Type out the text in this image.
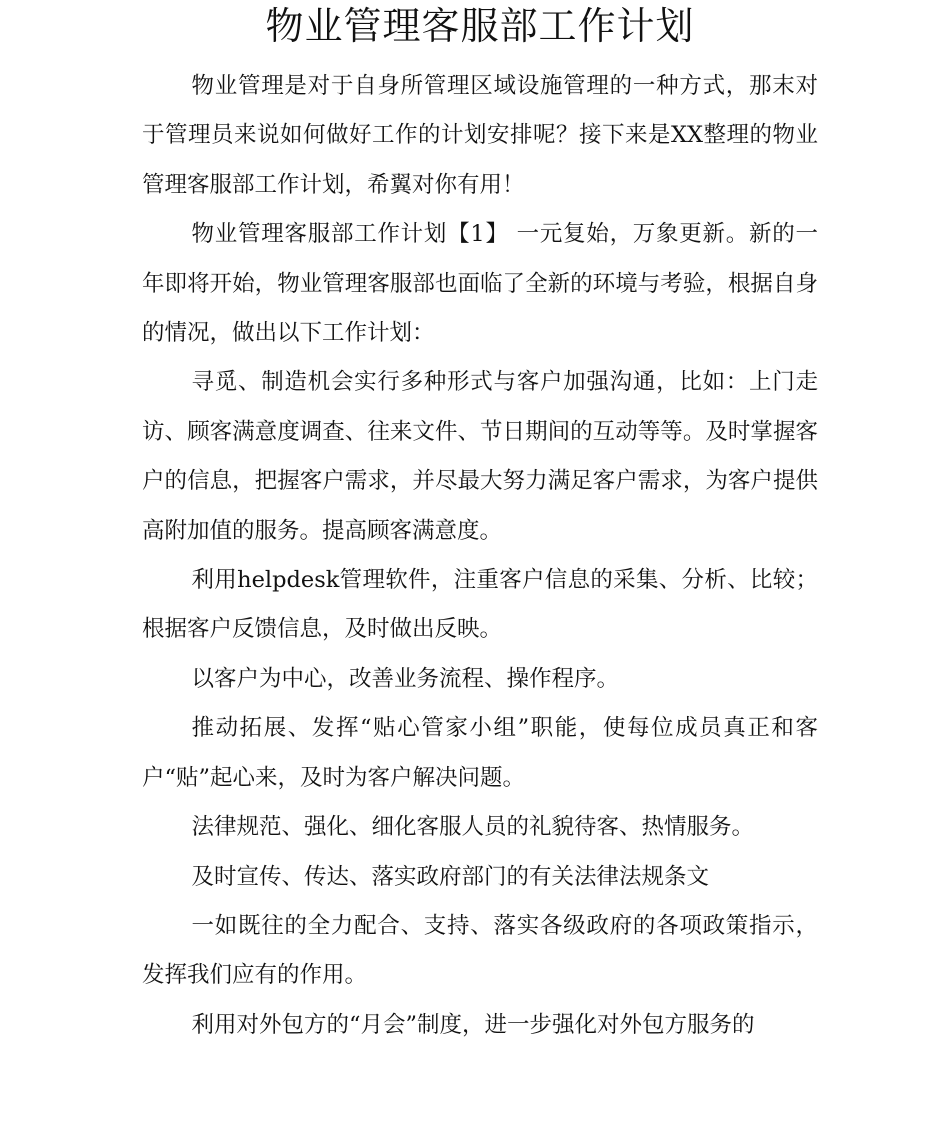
物业管理客服部工作计划

物业管理是对于自身所管理区域设施管理的一种方式，那末对于管理员来说如何做好工作的计划安排呢？接下来是XX整理的物业管理客服部工作计划，希翼对你有用！

物业管理客服部工作计划【1】 一元复始，万象更新。新的一年即将开始，物业管理客服部也面临了全新的环境与考验，根据自身的情况，做出以下工作计划：

寻觅、制造机会实行多种形式与客户加强沟通，比如：上门走访、顾客满意度调查、往来文件、节日期间的互动等等。及时掌握客户的信息，把握客户需求，并尽最大努力满足客户需求，为客户提供高附加值的服务。提高顾客满意度。

利用helpdesk管理软件，注重客户信息的采集、分析、比较；根据客户反馈信息，及时做出反映。

以客户为中心，改善业务流程、操作程序。

推动拓展、发挥“贴心管家小组”职能，使每位成员真正和客户“贴”起心来，及时为客户解决问题。

法律规范、强化、细化客服人员的礼貌待客、热情服务。

及时宣传、传达、落实政府部门的有关法律法规条文

一如既往的全力配合、支持、落实各级政府的各项政策指示，发挥我们应有的作用。

利用对外包方的“月会”制度，进一步强化对外包方服务的
